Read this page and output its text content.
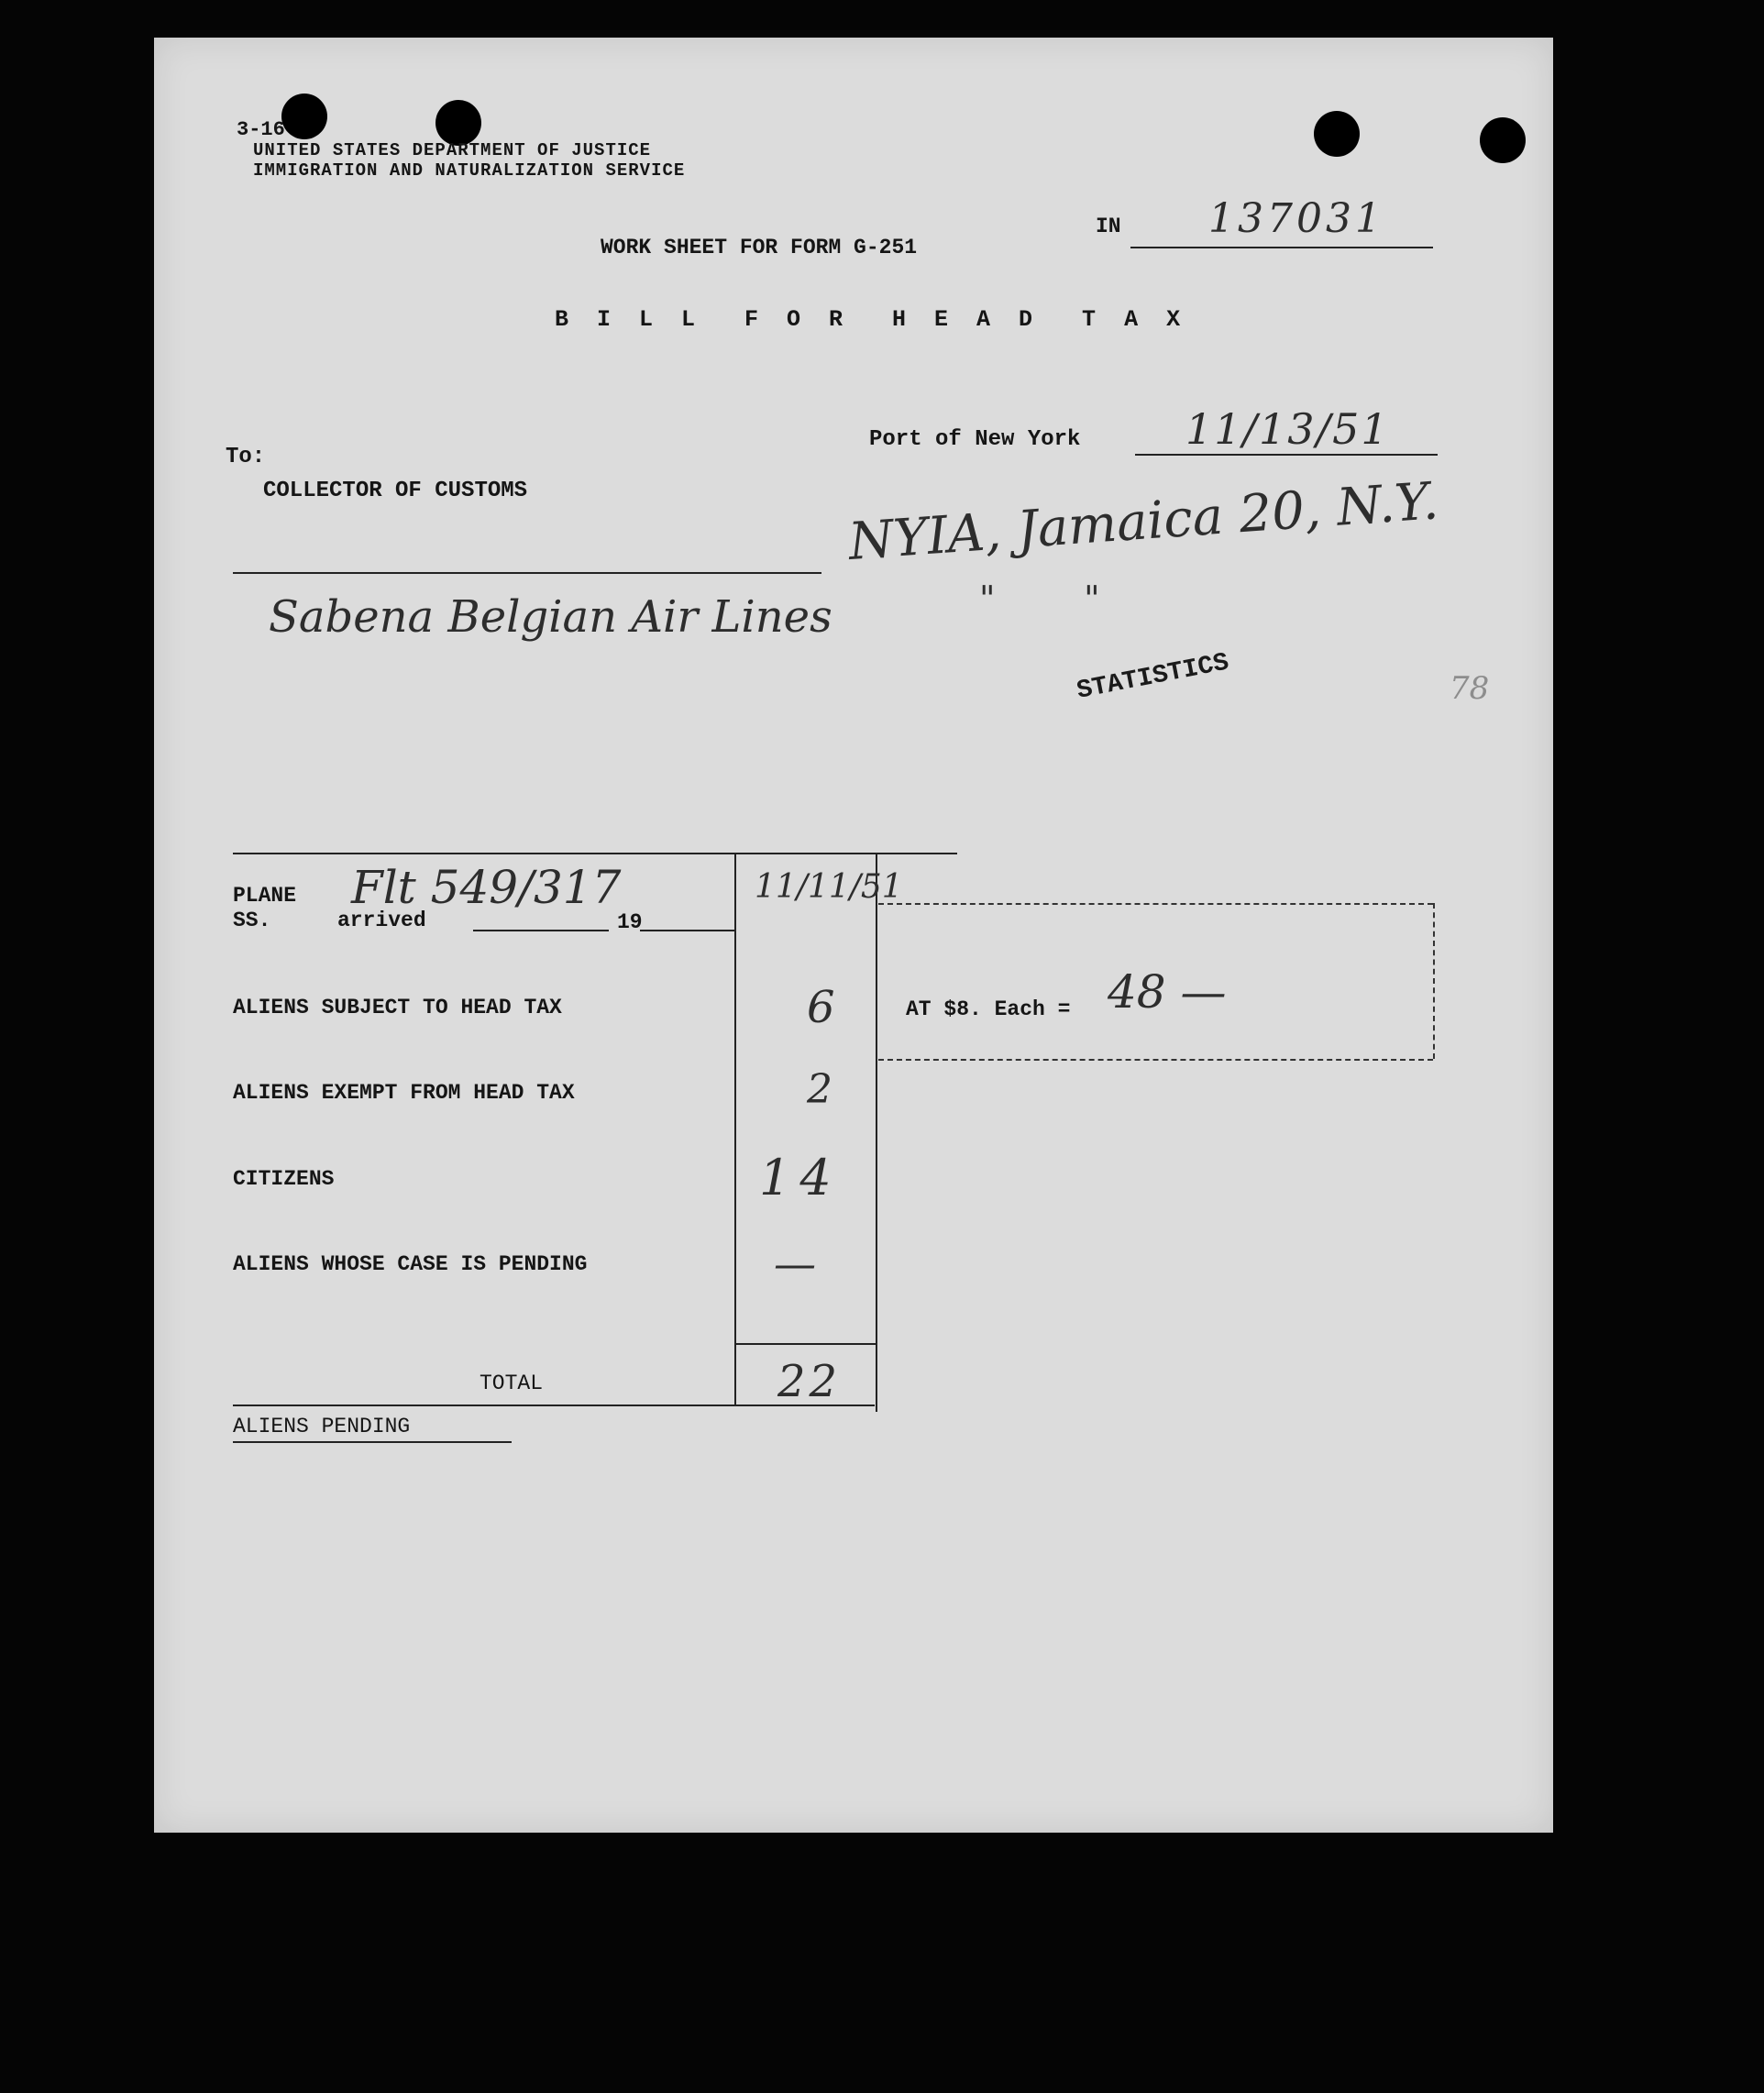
3-16
UNITED STATES DEPARTMENT OF JUSTICE
IMMIGRATION AND NATURALIZATION SERVICE
IN 137031
WORK SHEET FOR FORM G-251
B I L L  F O R  H E A D  T A X
Port of New York 11/13/51
To:
COLLECTOR OF CUSTOMS	NYIA, Jamaica 20, N.Y.
"        "
Sabena Belgian Air Lines
STATISTICS	78
PLANE
SS.	arrived	19
Flt 549/317	11/11/51
ALIENS SUBJECT TO HEAD TAX	6
ALIENS EXEMPT FROM HEAD TAX	2
CITIZENS	14
ALIENS WHOSE CASE IS PENDING	—
TOTAL	22
AT $8. Each = 48 —
ALIENS PENDING
